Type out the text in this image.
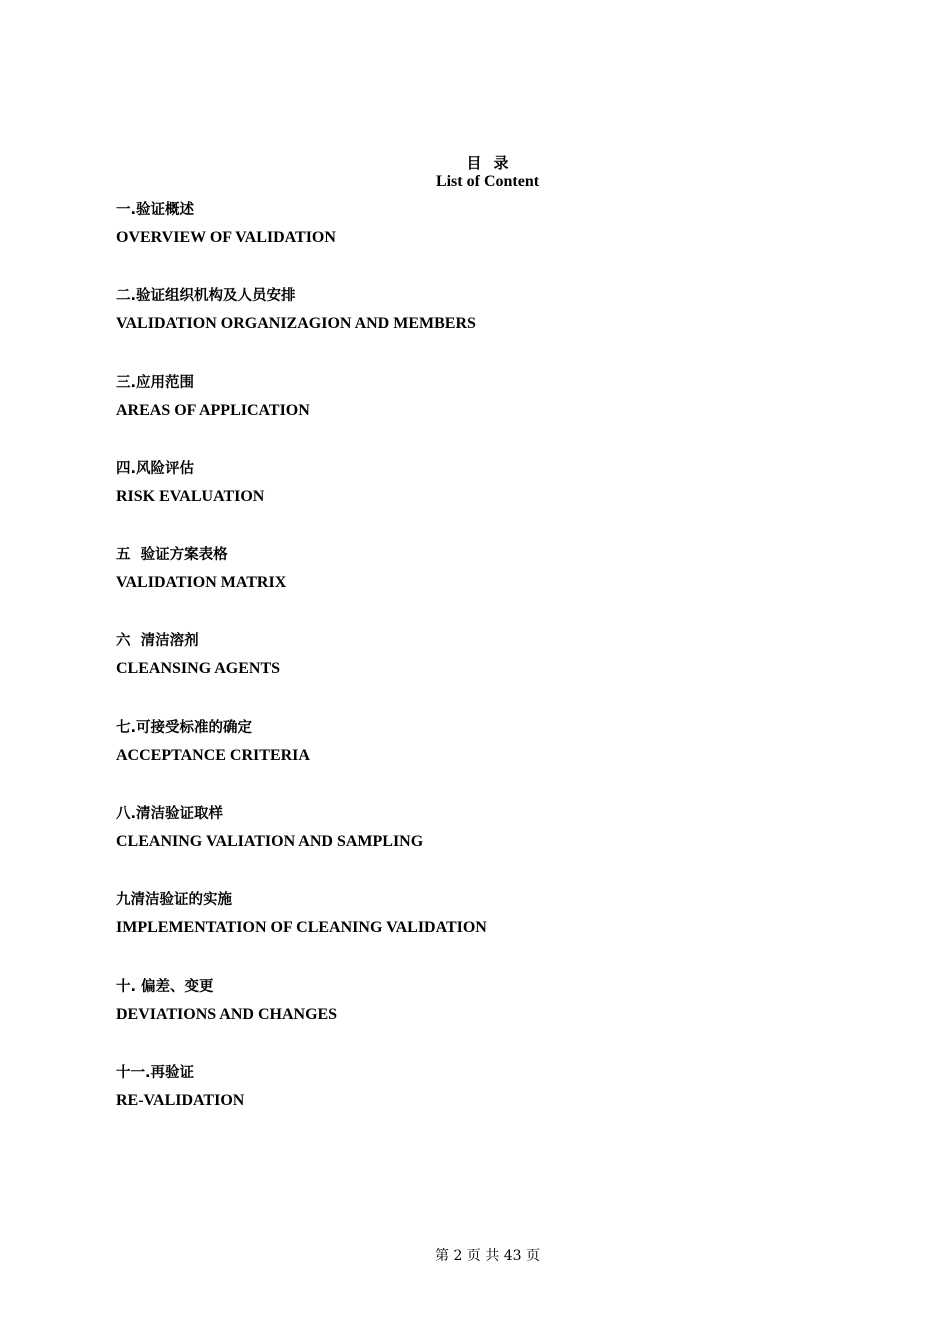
目录
List of Content
一.验证概述
OVERVIEW OF VALIDATION
二.验证组织机构及人员安排
VALIDATION ORGANIZAGION AND MEMBERS
三.应用范围
AREAS OF APPLICATION
四.风险评估
RISK EVALUATION
五  验证方案表格
VALIDATION MATRIX
六  清洁溶剂
CLEANSING AGENTS
七.可接受标准的确定
ACCEPTANCE CRITERIA
八.清洁验证取样
CLEANING VALIATION AND SAMPLING
九清洁验证的实施
IMPLEMENTATION OF CLEANING VALIDATION
十. 偏差、变更
DEVIATIONS AND CHANGES
十一.再验证
RE-VALIDATION
第 2 页 共 43 页
